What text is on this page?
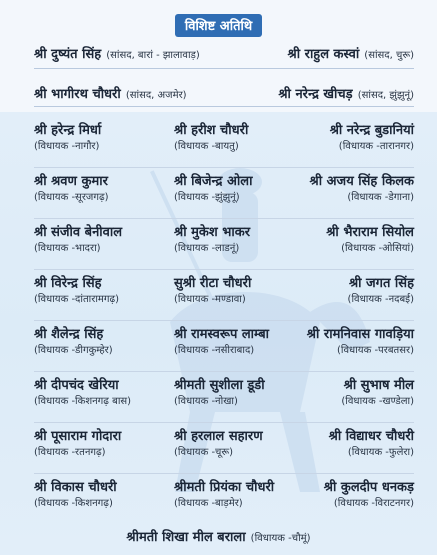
विशिष्ट अतिथि
श्री दुष्यंत सिंह (सांसद, बारां - झालावाड़)	श्री राहुल कस्वां (सांसद, चुरू)
श्री भागीरथ चौधरी (सांसद, अजमेर)	श्री नरेन्द्र खीचड़ (सांसद, झुंझुनूं)
श्री हरेन्द्र मिर्धा
(विधायक -नागौर)
श्री हरीश चौधरी
(विधायक -बायतु)
श्री नरेन्द्र बुडानियां
(विधायक -तारानगर)
श्री श्रवण कुमार
(विधायक -सूरजगढ़)
श्री बिजेन्द्र ओला
(विधायक -झुंझुनूं)
श्री अजय सिंह किलक
(विधायक -डेगाना)
श्री संजीव बेनीवाल
(विधायक -भादरा)
श्री मुकेश भाकर
(विधायक -लाडनूं)
श्री भैराराम सियोल
(विधायक -ओसियां)
श्री विरेन्द्र सिंह
(विधायक -दांतारामगढ़)
सुश्री रीटा चौधरी
(विधायक -मण्डावा)
श्री जगत सिंह
(विधायक -नदबई)
श्री शैलेन्द्र सिंह
(विधायक -डीगकुम्हेर)
श्री रामस्वरूप लाम्बा
(विधायक -नसीराबाद)
श्री रामनिवास गावड़िया
(विधायक -परबतसर)
श्री दीपचंद खेरिया
(विधायक -किशनगढ़ बास)
श्रीमती सुशीला डूडी
(विधायक -नोखा)
श्री सुभाष मील
(विधायक -खण्डेला)
श्री पूसाराम गोदारा
(विधायक -रतनगढ़)
श्री हरलाल सहारण
(विधायक -चूरू)
श्री विद्याधर चौधरी
(विधायक -फुलेरा)
श्री विकास चौधरी
(विधायक -किशनगढ़)
श्रीमती प्रियंका चौधरी
(विधायक -बाड़मेर)
श्री कुलदीप धनकड़
(विधायक -विराटनगर)
श्रीमती शिखा मील बराला (विधायक -चौमूं)
